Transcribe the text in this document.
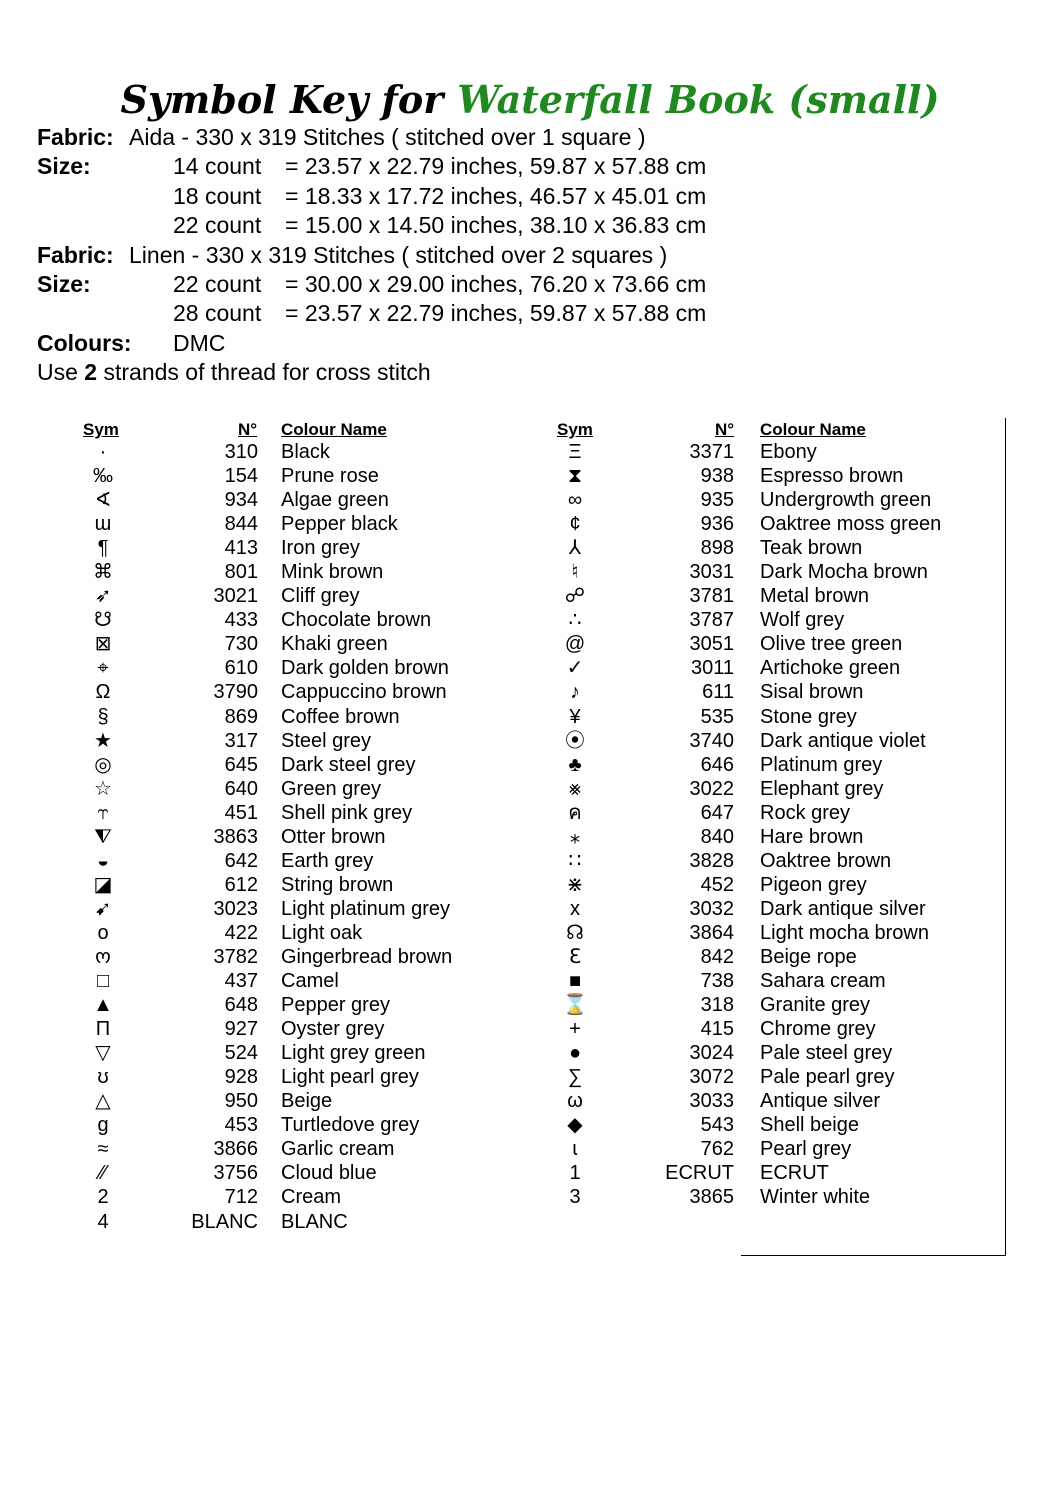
Symbol Key for Waterfall Book (small)
Fabric: Aida - 330 x 319 Stitches ( stitched over 1 square )
Size:	14 count = 23.57 x 22.79 inches, 59.87 x 57.88 cm
18 count = 18.33 x 17.72 inches, 46.57 x 45.01 cm
22 count = 15.00 x 14.50 inches, 38.10 x 36.83 cm
Fabric: Linen - 330 x 319 Stitches ( stitched over 2 squares )
Size:	22 count = 30.00 x 29.00 inches, 76.20 x 73.66 cm
28 count = 23.57 x 22.79 inches, 59.87 x 57.88 cm
Colours: DMC
Use 2 strands of thread for cross stitch
Sym	N° Colour Name	Sym	N° Colour Name
·	310 Black
‰	154 Prune rose
∢	934 Algae green
ɯ	844 Pepper black
¶	413 Iron grey
⌘	801 Mink brown
➶	3021 Cliff grey
☋	433 Chocolate brown
⊠	730 Khaki green
⌖	610 Dark golden brown
Ω	3790 Cappuccino brown
§	869 Coffee brown
★	317 Steel grey
◎	645 Dark steel grey
☆	640 Green grey
⥾	451 Shell pink grey
⧨	3863 Otter brown
◒	642 Earth grey
◪	612 String brown
➹	3023 Light platinum grey
o	422 Light oak
ო	3782 Gingerbread brown
□	437 Camel
▲	648 Pepper grey
Π	927 Oyster grey
▽	524 Light grey green
ʊ	928 Light pearl grey
△	950 Beige
g	453 Turtledove grey
≈	3866 Garlic cream
⁄⁄	3756 Cloud blue
2	712 Cream
4	BLANC BLANC
Ξ	3371 Ebony
⧗	938 Espresso brown
∞	935 Undergrowth green
¢	936 Oaktree moss green
⅄	898 Teak brown
♮	3031 Dark Mocha brown
☍	3781 Metal brown
∴	3787 Wolf grey
@	3051 Olive tree green
✓	3011 Artichoke green
♪	611 Sisal brown
¥	535 Stone grey
⦿	3740 Dark antique violet
♣	646 Platinum grey
⨳	3022 Elephant grey
ค	647 Rock grey
⁎	840 Hare brown
∷	3828 Oaktree brown
⋇	452 Pigeon grey
x	3032 Dark antique silver
☊	3864 Light mocha brown
ℇ	842 Beige rope
■	738 Sahara cream
⌛	318 Granite grey
+	415 Chrome grey
●	3024 Pale steel grey
∑	3072 Pale pearl grey
ω	3033 Antique silver
◆	543 Shell beige
ɩ	762 Pearl grey
1	ECRUT ECRUT
3	3865 Winter white
